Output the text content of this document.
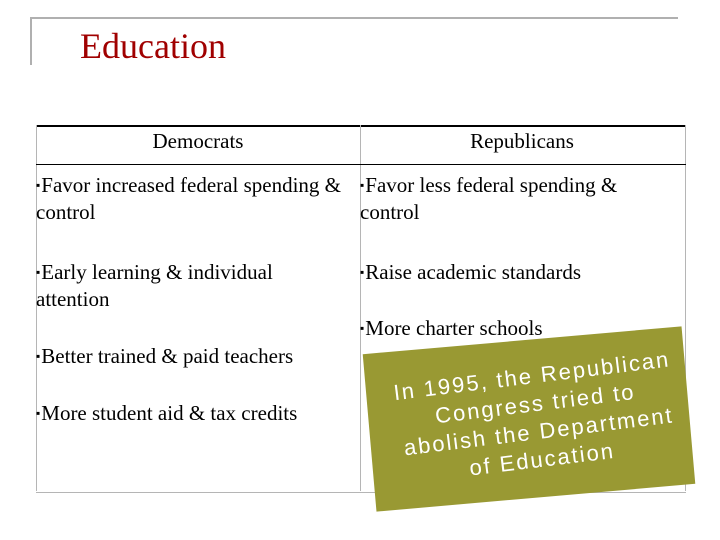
Education
Democrats	Republicans
▪Favor increased federal spending & control
▪Early learning & individual attention
▪Better trained & paid teachers
▪More student aid & tax credits
▪Favor less federal spending & control
▪Raise academic standards
▪More charter schools
In 1995, the Republican Congress tried to abolish the Department of Education
